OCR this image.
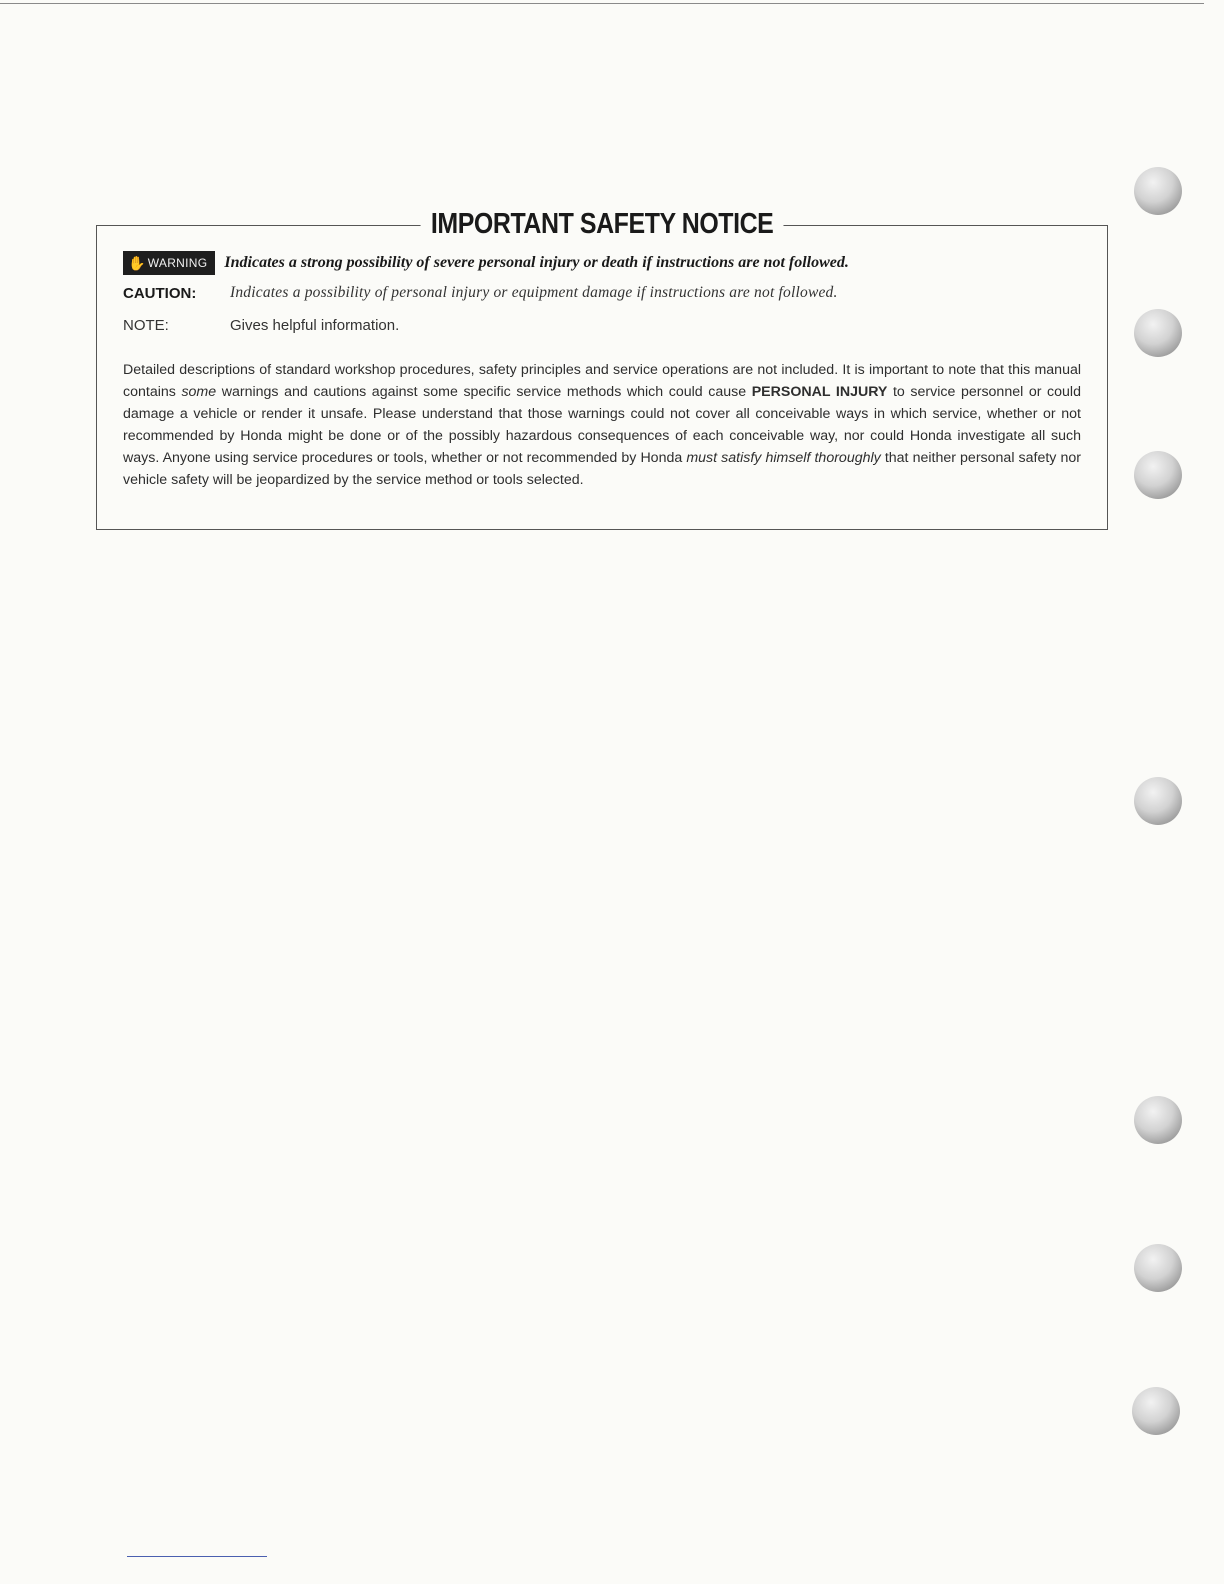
IMPORTANT SAFETY NOTICE
✋ WARNING Indicates a strong possibility of severe personal injury or death if instructions are not followed.
CAUTION:	Indicates a possibility of personal injury or equipment damage if instructions are not followed.
NOTE:	Gives helpful information.
Detailed descriptions of standard workshop procedures, safety principles and service operations are not included. It is important to note that this manual contains some warnings and cautions against some specific service methods which could cause PERSONAL INJURY to service personnel or could damage a vehicle or render it unsafe. Please understand that those warnings could not cover all conceivable ways in which service, whether or not recommended by Honda might be done or of the possibly hazardous consequences of each conceivable way, nor could Honda investigate all such ways. Anyone using service procedures or tools, whether or not recommended by Honda must satisfy himself thoroughly that neither personal safety nor vehicle safety will be jeopardized by the service method or tools selected.
